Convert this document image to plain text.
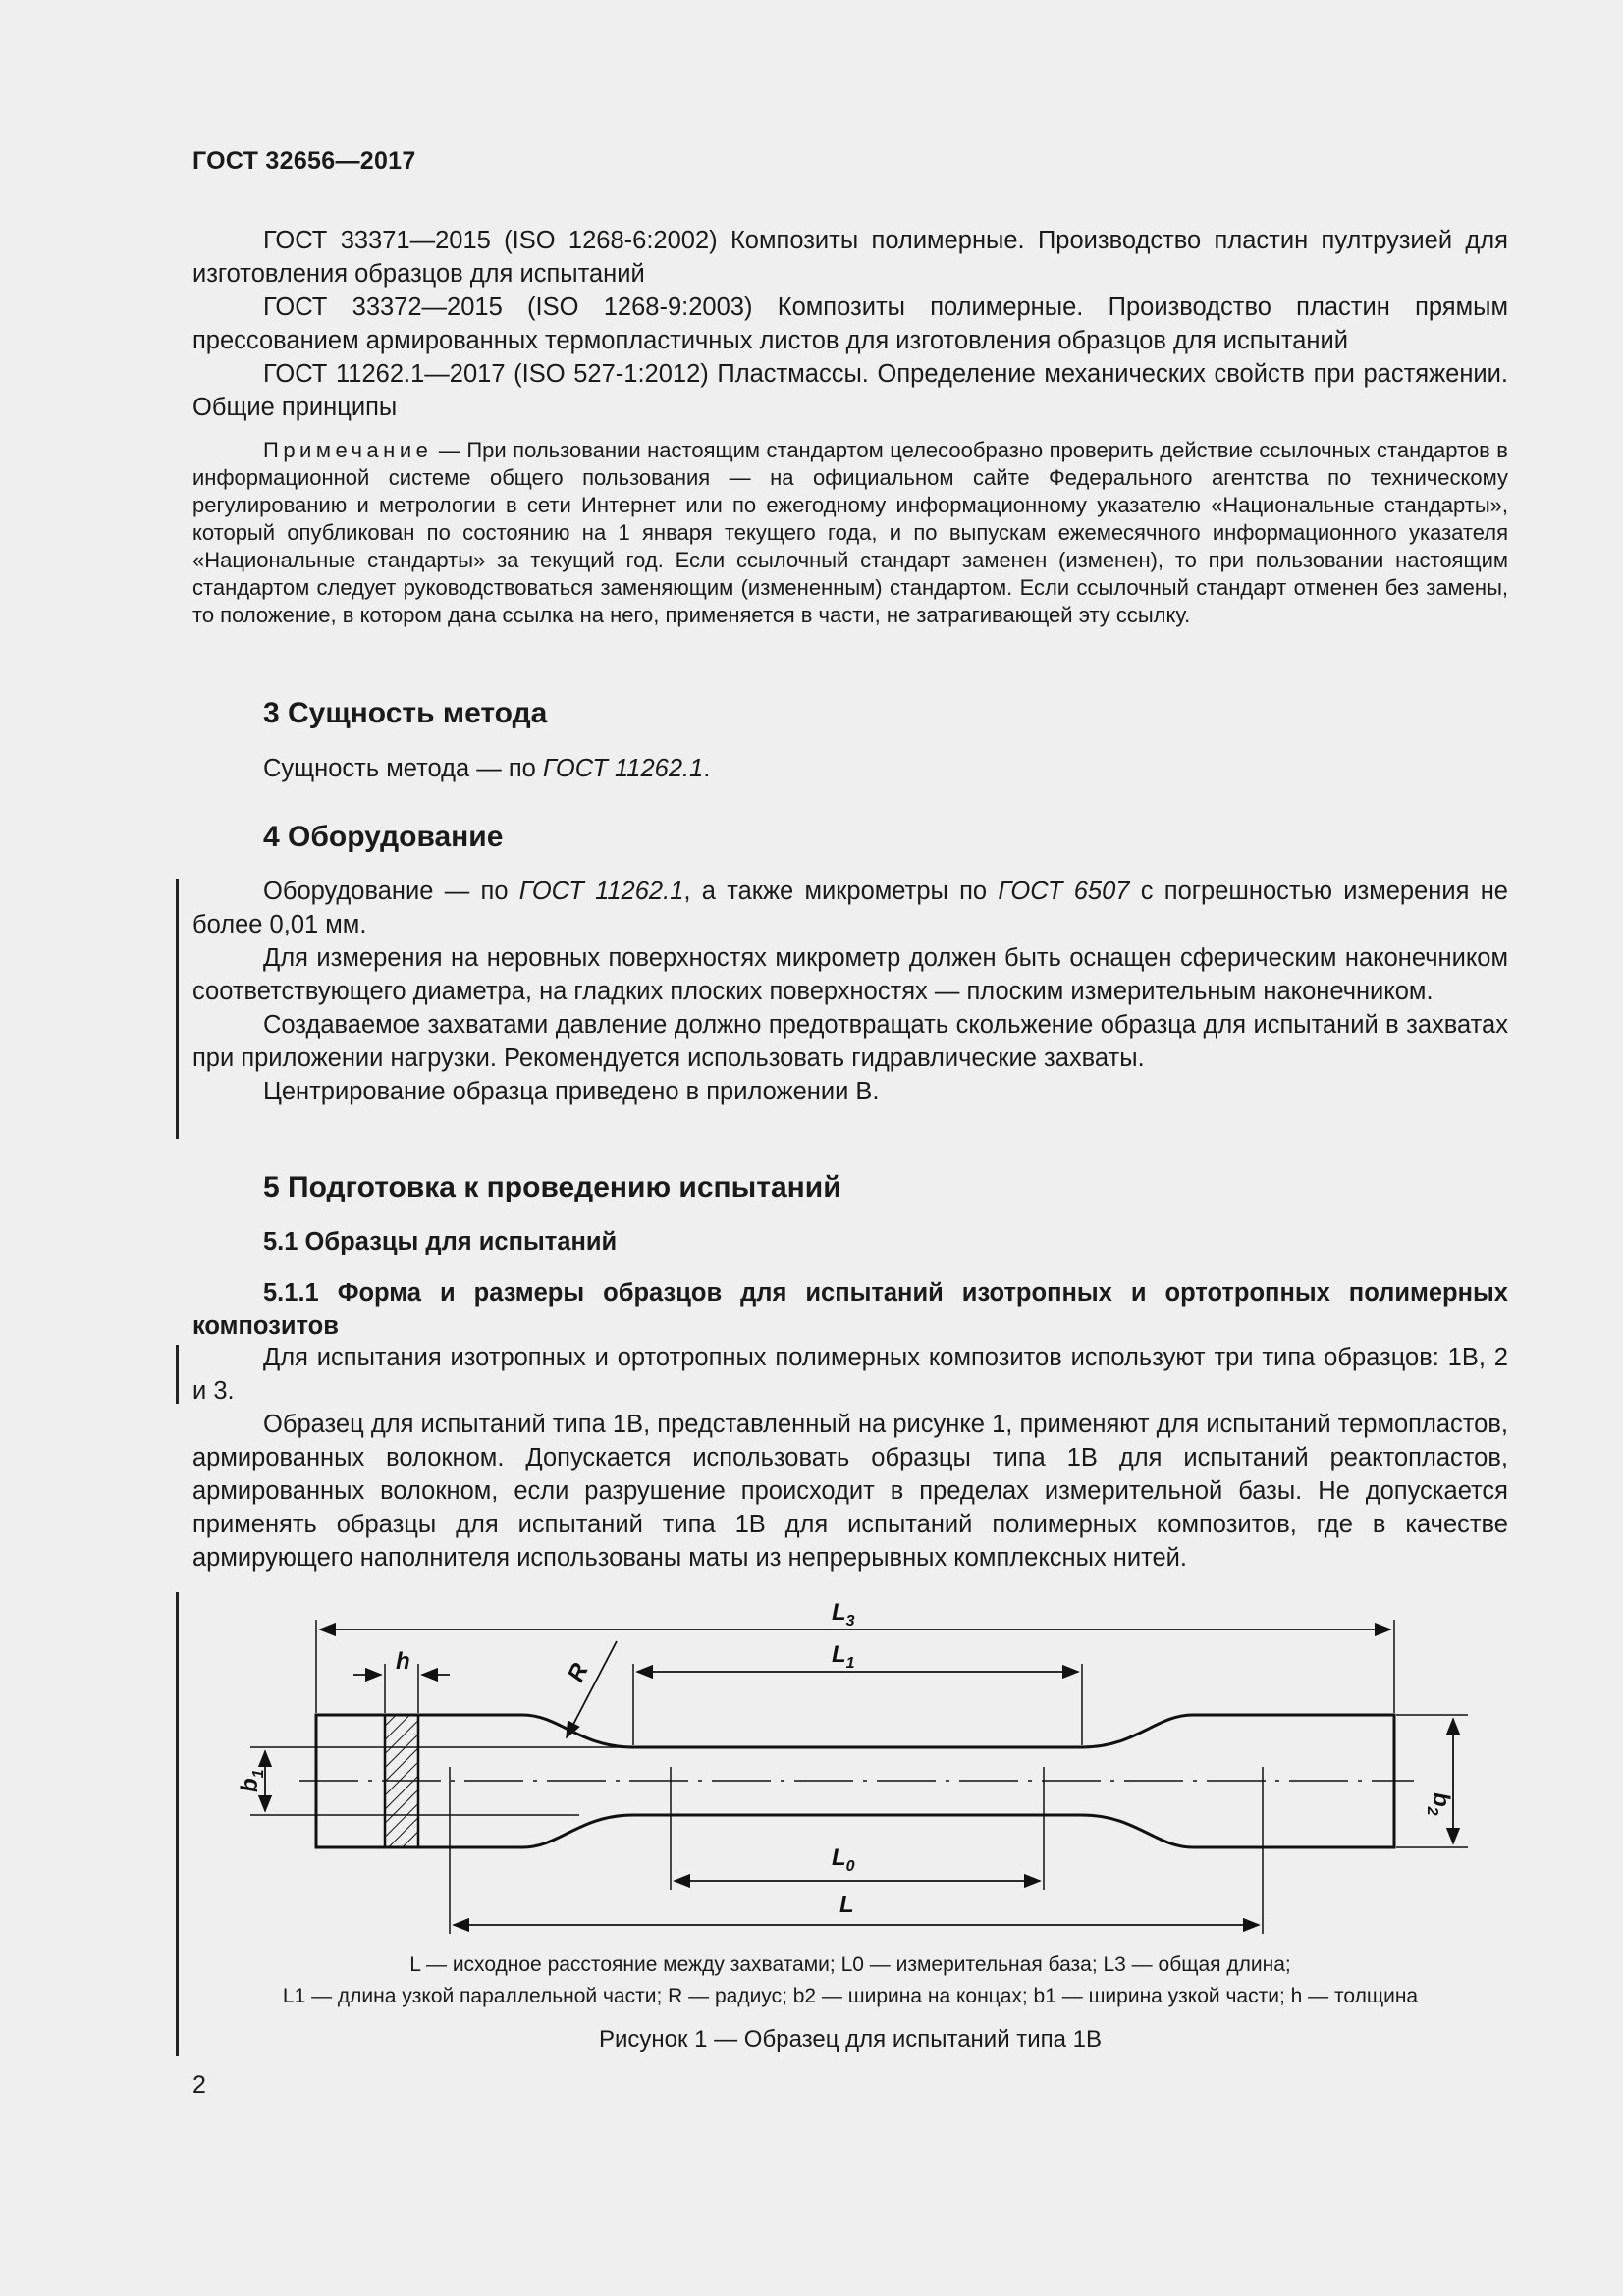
ГОСТ 32656—2017

ГОСТ 33371—2015 (ISO 1268-6:2002) Композиты полимерные. Производство пластин пултрузией для изготовления образцов для испытаний

ГОСТ 33372—2015 (ISO 1268-9:2003) Композиты полимерные. Производство пластин прямым прессованием армированных термопластичных листов для изготовления образцов для испытаний

ГОСТ 11262.1—2017 (ISO 527-1:2012) Пластмассы. Определение механических свойств при растяжении. Общие принципы

Примечание — При пользовании настоящим стандартом целесообразно проверить действие ссылочных стандартов в информационной системе общего пользования — на официальном сайте Федерального агентства по техническому регулированию и метрологии в сети Интернет или по ежегодному информационному указателю «Национальные стандарты», который опубликован по состоянию на 1 января текущего года, и по выпускам ежемесячного информационного указателя «Национальные стандарты» за текущий год. Если ссылочный стандарт заменен (изменен), то при пользовании настоящим стандартом следует руководствоваться заменяющим (измененным) стандартом. Если ссылочный стандарт отменен без замены, то положение, в котором дана ссылка на него, применяется в части, не затрагивающей эту ссылку.

3 Сущность метода

Сущность метода — по ГОСТ 11262.1.

4 Оборудование

Оборудование — по ГОСТ 11262.1, а также микрометры по ГОСТ 6507 с погрешностью измерения не более 0,01 мм.

Для измерения на неровных поверхностях микрометр должен быть оснащен сферическим наконечником соответствующего диаметра, на гладких плоских поверхностях — плоским измерительным наконечником.

Создаваемое захватами давление должно предотвращать скольжение образца для испытаний в захватах при приложении нагрузки. Рекомендуется использовать гидравлические захваты.

Центрирование образца приведено в приложении В.

5 Подготовка к проведению испытаний
5.1 Образцы для испытаний
5.1.1 Форма и размеры образцов для испытаний изотропных и ортотропных полимерных композитов

Для испытания изотропных и ортотропных полимерных композитов используют три типа образцов: 1В, 2 и 3.

Образец для испытаний типа 1В, представленный на рисунке 1, применяют для испытаний термопластов, армированных волокном. Допускается использовать образцы типа 1В для испытаний реактопластов, армированных волокном, если разрушение происходит в пределах измерительной базы. Не допускается применять образцы для испытаний типа 1В для испытаний полимерных композитов, где в качестве армирующего наполнителя использованы маты из непрерывных комплексных нитей.

$L_3$
$L_1$
h	R
$L_0$
L
$b_1$
$b_2$
L — исходное расстояние между захватами; L0 — измерительная база; L3 — общая длина;
L1 — длина узкой параллельной части; R — радиус; b2 — ширина на концах; b1 — ширина узкой части; h — толщина
Рисунок 1 — Образец для испытаний типа 1В
2
